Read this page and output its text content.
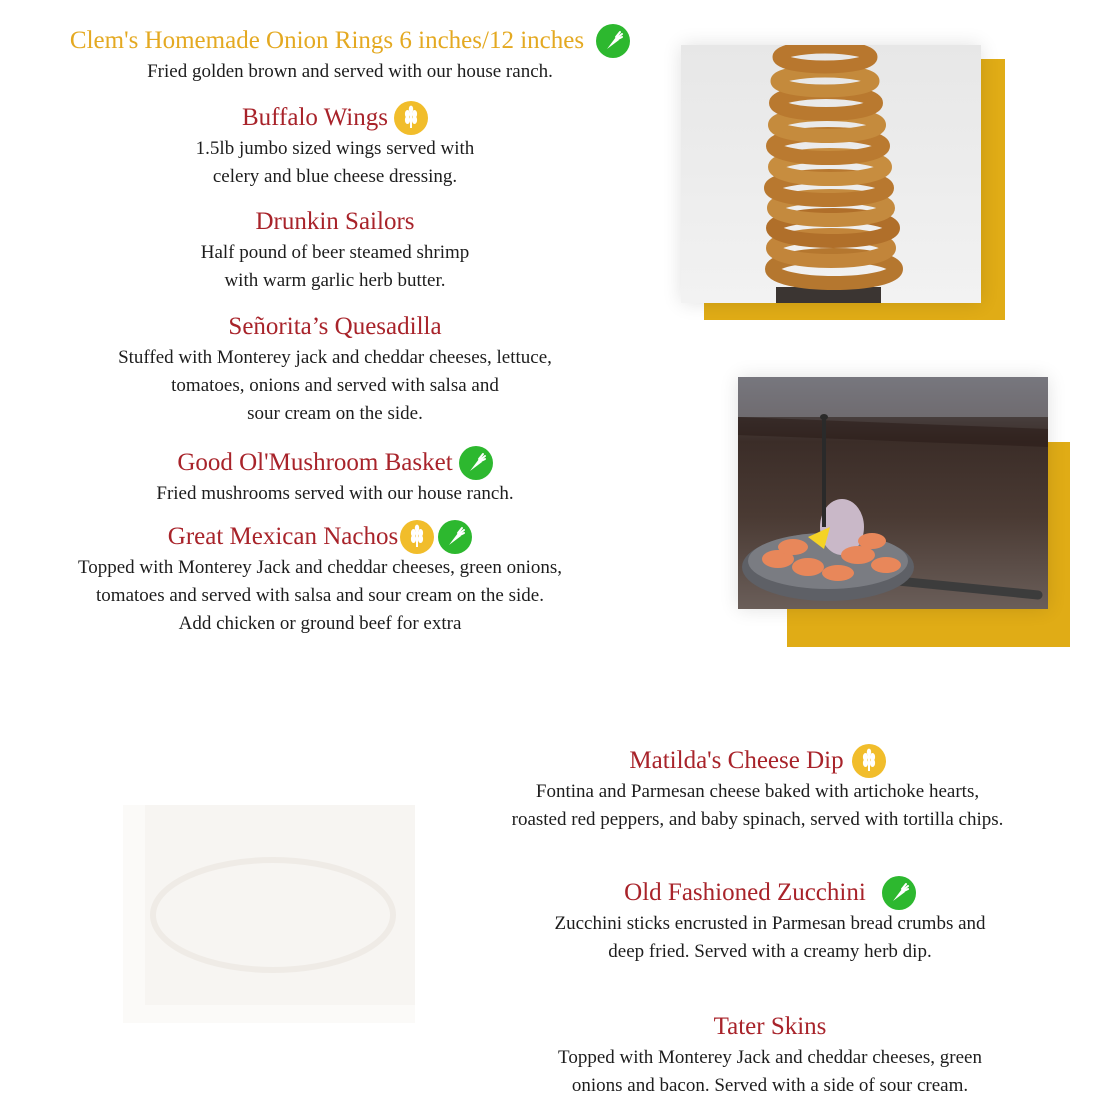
Clem's Homemade Onion Rings 6 inches/12 inches
Fried golden brown and served with our house ranch.
Buffalo Wings
1.5lb jumbo sized wings served with
celery and blue cheese dressing.
Drunkin Sailors
Half pound of beer steamed shrimp
with warm garlic herb butter.
Señorita’s Quesadilla
Stuffed with Monterey jack and cheddar cheeses, lettuce,
tomatoes, onions and served with salsa and
sour cream on the side.
Good Ol'Mushroom Basket
Fried mushrooms served with our house ranch.
Great Mexican Nachos
Topped with Monterey Jack and cheddar cheeses, green onions,
tomatoes and served with salsa and sour cream on the side.
Add chicken or ground beef for extra
Matilda's Cheese Dip
Fontina and Parmesan cheese baked with artichoke hearts,
roasted red peppers, and baby spinach, served with tortilla chips.
Old Fashioned Zucchini
Zucchini sticks encrusted in Parmesan bread crumbs and
deep fried. Served with a creamy herb dip.
Tater Skins
Topped with Monterey Jack and cheddar cheeses, green
onions and bacon. Served with a side of sour cream.
